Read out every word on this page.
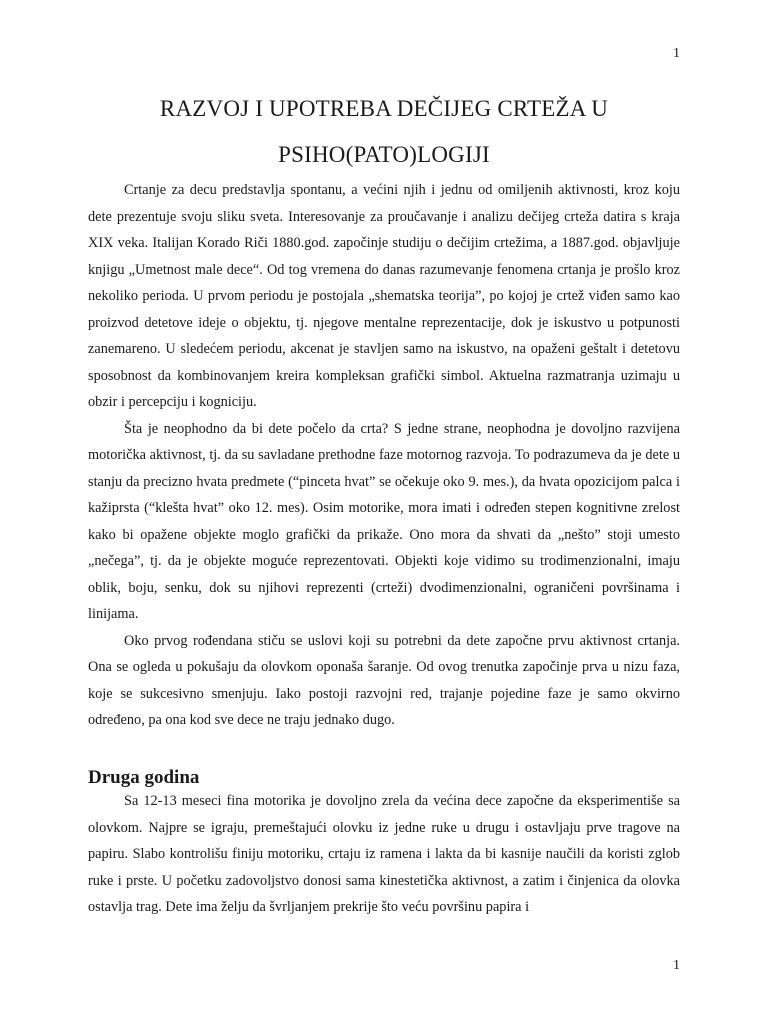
1
RAZVOJ I UPOTREBA DEČIJEG CRTEŽA U
PSIHO(PATO)LOGIJI

Crtanje za decu predstavlja spontanu, a većini njih i jednu od omiljenih aktivnosti, kroz koju dete prezentuje svoju sliku sveta. Interesovanje za proučavanje i analizu dečijeg crteža datira s kraja XIX veka. Italijan Korado Riči 1880.god. započinje studiju o dečijim crtežima, a 1887.god. objavljuje knjigu „Umetnost male dece“. Od tog vremena do danas razumevanje fenomena crtanja je prošlo kroz nekoliko perioda. U prvom periodu je postojala „shematska teorija”, po kojoj je crtež viđen samo kao proizvod detetove ideje o objektu, tj. njegove mentalne reprezentacije, dok je iskustvo u potpunosti zanemareno. U sledećem periodu, akcenat je stavljen samo na iskustvo, na opaženi geštalt i detetovu sposobnost da kombinovanjem kreira kompleksan grafički simbol. Aktuelna razmatranja uzimaju u obzir i percepciju i kogniciju.

Šta je neophodno da bi dete počelo da crta? S jedne strane, neophodna je dovoljno razvijena motorička aktivnost, tj. da su savladane prethodne faze motornog razvoja. To podrazumeva da je dete u stanju da precizno hvata predmete (“pinceta hvat” se očekuje oko 9. mes.), da hvata opozicijom palca i kažiprsta (“klešta hvat” oko 12. mes). Osim motorike, mora imati i određen stepen kognitivne zrelost kako bi opažene objekte moglo grafički da prikaže. Ono mora da shvati da „nešto” stoji umesto „nečega”, tj. da je objekte moguće reprezentovati. Objekti koje vidimo su trodimenzionalni, imaju oblik, boju, senku, dok su njihovi reprezenti (crteži) dvodimenzionalni, ograničeni površinama i linijama.

Oko prvog rođendana stiču se uslovi koji su potrebni da dete započne prvu aktivnost crtanja. Ona se ogleda u pokušaju da olovkom oponaša šaranje. Od ovog trenutka započinje prva u nizu faza, koje se sukcesivno smenjuju. Iako postoji razvojni red, trajanje pojedine faze je samo okvirno određeno, pa ona kod sve dece ne traju jednako dugo.

Druga godina

Sa 12-13 meseci fina motorika je dovoljno zrela da većina dece započne da eksperimentiše sa olovkom. Najpre se igraju, premeštajući olovku iz jedne ruke u drugu i ostavljaju prve tragove na papiru. Slabo kontrolišu finiju motoriku, crtaju iz ramena i lakta da bi kasnije naučili da koristi zglob ruke i prste. U početku zadovoljstvo donosi sama kinestetička aktivnost, a zatim i činjenica da olovka ostavlja trag. Dete ima želju da švrljanjem prekrije što veću površinu papira i

1
